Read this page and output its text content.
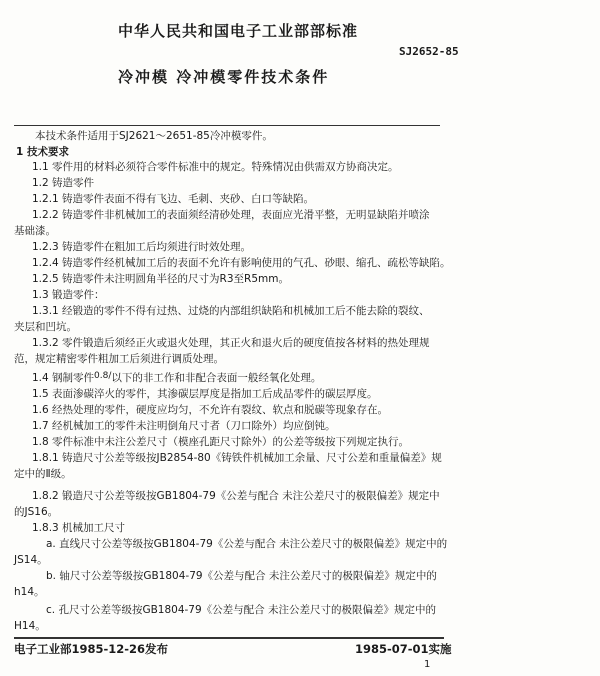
中华人民共和国电子工业部部标准
SJ2652-85
冷冲模 冷冲模零件技术条件
本技术条件适用于SJ2621～2651-85冷冲模零件。
1 技术要求
1.1 零件用的材料必须符合零件标准中的规定。特殊情况由供需双方协商决定。
1.2 铸造零件
1.2.1 铸造零件表面不得有飞边、毛刺、夹砂、白口等缺陷。
1.2.2 铸造零件非机械加工的表面须经清砂处理，表面应光滑平整，无明显缺陷并喷涂
基础漆。
1.2.3 铸造零件在粗加工后均须进行时效处理。
1.2.4 铸造零件经机械加工后的表面不允许有影响使用的气孔、砂眼、缩孔、疏松等缺陷。
1.2.5 铸造零件未注明圆角半径的尺寸为R3至R5mm。
1.3 锻造零件：
1.3.1 经锻造的零件不得有过热、过烧的内部组织缺陷和机械加工后不能去除的裂纹、
夹层和凹坑。
1.3.2 零件锻造后须经正火或退火处理，其正火和退火后的硬度值按各材料的热处理规
范，规定精密零件粗加工后须进行调质处理。
1.4 钢制零件0.8/以下的非工作和非配合表面一般经氧化处理。
1.5 表面渗碳淬火的零件，其渗碳层厚度是指加工后成品零件的碳层厚度。
1.6 经热处理的零件，硬度应均匀，不允许有裂纹、软点和脱碳等现象存在。
1.7 经机械加工的零件未注明倒角尺寸者（刀口除外）均应倒钝。
1.8 零件标准中未注公差尺寸（模座孔距尺寸除外）的公差等级按下列规定执行。
1.8.1 铸造尺寸公差等级按JB2854-80《铸铁件机械加工余量、尺寸公差和重量偏差》规
定中的Ⅱ级。
1.8.2 锻造尺寸公差等级按GB1804-79《公差与配合 未注公差尺寸的极限偏差》规定中
的JS16。
1.8.3 机械加工尺寸
a. 直线尺寸公差等级按GB1804-79《公差与配合 未注公差尺寸的极限偏差》规定中的
JS14。
b. 轴尺寸公差等级按GB1804-79《公差与配合 未注公差尺寸的极限偏差》规定中的
h14。
c. 孔尺寸公差等级按GB1804-79《公差与配合 未注公差尺寸的极限偏差》规定中的
H14。
电子工业部1985-12-26发布	1985-07-01实施
1
